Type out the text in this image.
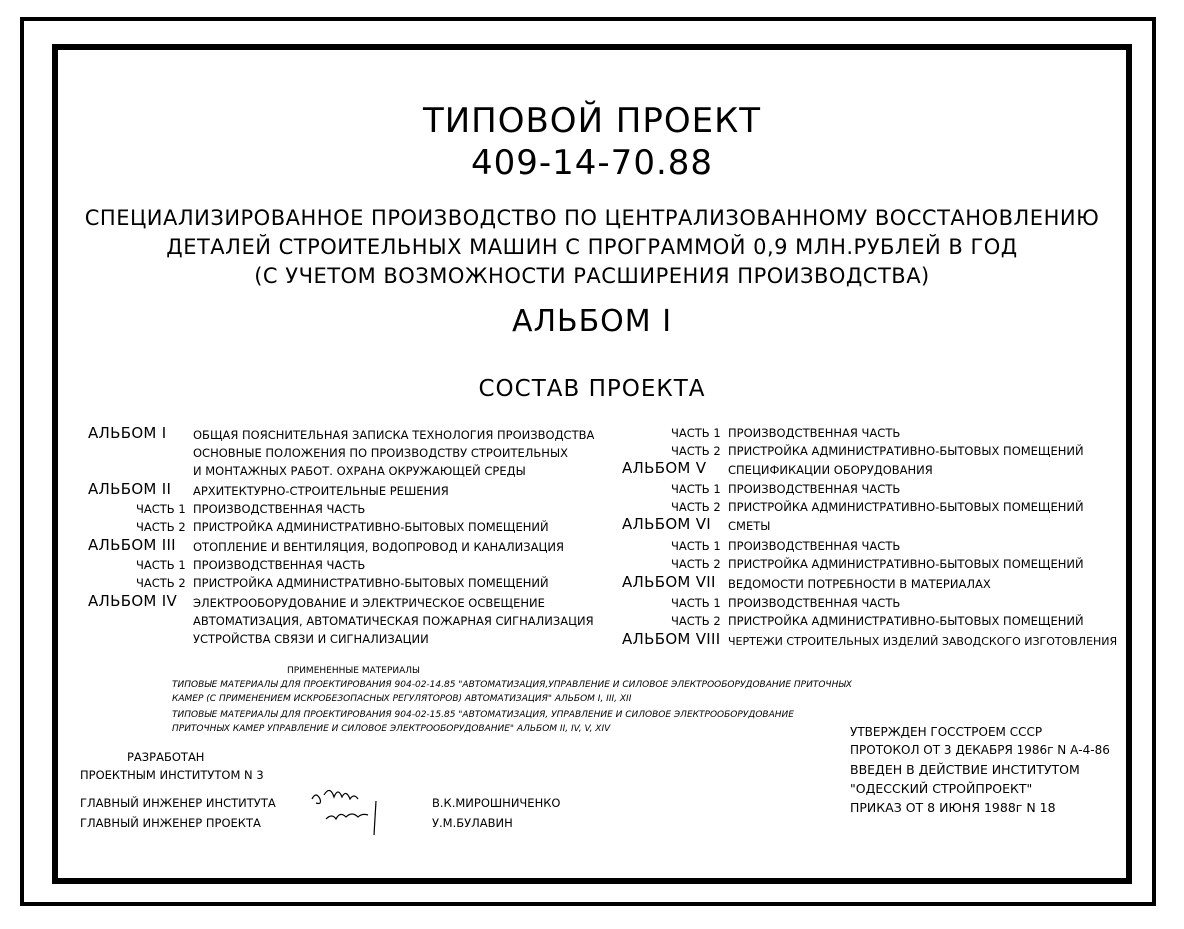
ТИПОВОЙ ПРОЕКТ
409-14-70.88
СПЕЦИАЛИЗИРОВАННОЕ ПРОИЗВОДСТВО ПО ЦЕНТРАЛИЗОВАННОМУ ВОССТАНОВЛЕНИЮ
ДЕТАЛЕЙ СТРОИТЕЛЬНЫХ МАШИН С ПРОГРАММОЙ 0,9 МЛН.РУБЛЕЙ В ГОД
(С УЧЕТОМ ВОЗМОЖНОСТИ РАСШИРЕНИЯ ПРОИЗВОДСТВА)
АЛЬБОМ I
СОСТАВ ПРОЕКТА
АЛЬБОМ I ОБЩАЯ ПОЯСНИТЕЛЬНАЯ ЗАПИСКА ТЕХНОЛОГИЯ ПРОИЗВОДСТВА
ОСНОВНЫЕ ПОЛОЖЕНИЯ ПО ПРОИЗВОДСТВУ СТРОИТЕЛЬНЫХ
И МОНТАЖНЫХ РАБОТ. ОХРАНА ОКРУЖАЮЩЕЙ СРЕДЫ
АЛЬБОМ II АРХИТЕКТУРНО-СТРОИТЕЛЬНЫЕ РЕШЕНИЯ
ЧАСТЬ 1 ПРОИЗВОДСТВЕННАЯ ЧАСТЬ
ЧАСТЬ 2 ПРИСТРОЙКА АДМИНИСТРАТИВНО-БЫТОВЫХ ПОМЕЩЕНИЙ
АЛЬБОМ III ОТОПЛЕНИЕ И ВЕНТИЛЯЦИЯ, ВОДОПРОВОД И КАНАЛИЗАЦИЯ
ЧАСТЬ 1 ПРОИЗВОДСТВЕННАЯ ЧАСТЬ
ЧАСТЬ 2 ПРИСТРОЙКА АДМИНИСТРАТИВНО-БЫТОВЫХ ПОМЕЩЕНИЙ
АЛЬБОМ IV ЭЛЕКТРООБОРУДОВАНИЕ И ЭЛЕКТРИЧЕСКОЕ ОСВЕЩЕНИЕ
АВТОМАТИЗАЦИЯ, АВТОМАТИЧЕСКАЯ ПОЖАРНАЯ СИГНАЛИЗАЦИЯ
УСТРОЙСТВА СВЯЗИ И СИГНАЛИЗАЦИИ
ЧАСТЬ 1 ПРОИЗВОДСТВЕННАЯ ЧАСТЬ
ЧАСТЬ 2 ПРИСТРОЙКА АДМИНИСТРАТИВНО-БЫТОВЫХ ПОМЕЩЕНИЙ
АЛЬБОМ V СПЕЦИФИКАЦИИ ОБОРУДОВАНИЯ
ЧАСТЬ 1 ПРОИЗВОДСТВЕННАЯ ЧАСТЬ
ЧАСТЬ 2 ПРИСТРОЙКА АДМИНИСТРАТИВНО-БЫТОВЫХ ПОМЕЩЕНИЙ
АЛЬБОМ VI СМЕТЫ
ЧАСТЬ 1 ПРОИЗВОДСТВЕННАЯ ЧАСТЬ
ЧАСТЬ 2 ПРИСТРОЙКА АДМИНИСТРАТИВНО-БЫТОВЫХ ПОМЕЩЕНИЙ
АЛЬБОМ VII ВЕДОМОСТИ ПОТРЕБНОСТИ В МАТЕРИАЛАХ
ЧАСТЬ 1 ПРОИЗВОДСТВЕННАЯ ЧАСТЬ
ЧАСТЬ 2 ПРИСТРОЙКА АДМИНИСТРАТИВНО-БЫТОВЫХ ПОМЕЩЕНИЙ
АЛЬБОМ VIII ЧЕРТЕЖИ СТРОИТЕЛЬНЫХ ИЗДЕЛИЙ ЗАВОДСКОГО ИЗГОТОВЛЕНИЯ
ПРИМЕНЕННЫЕ МАТЕРИАЛЫ
ТИПОВЫЕ МАТЕРИАЛЫ ДЛЯ ПРОЕКТИРОВАНИЯ 904-02-14.85 "АВТОМАТИЗАЦИЯ,УПРАВЛЕНИЕ И СИЛОВОЕ ЭЛЕКТРООБОРУДОВАНИЕ ПРИТОЧНЫХ
КАМЕР (С ПРИМЕНЕНИЕМ ИСКРОБЕЗОПАСНЫХ РЕГУЛЯТОРОВ) АВТОМАТИЗАЦИЯ" АЛЬБОМ I, III, XII
ТИПОВЫЕ МАТЕРИАЛЫ ДЛЯ ПРОЕКТИРОВАНИЯ 904-02-15.85 "АВТОМАТИЗАЦИЯ, УПРАВЛЕНИЕ И СИЛОВОЕ ЭЛЕКТРООБОРУДОВАНИЕ
ПРИТОЧНЫХ КАМЕР УПРАВЛЕНИЕ И СИЛОВОЕ ЭЛЕКТРООБОРУДОВАНИЕ" АЛЬБОМ II, IV, V, XIV
РАЗРАБОТАН
ПРОЕКТНЫМ ИНСТИТУТОМ N 3
ГЛАВНЫЙ ИНЖЕНЕР ИНСТИТУТА
ГЛАВНЫЙ ИНЖЕНЕР ПРОЕКТА
В.К.МИРОШНИЧЕНКО
У.М.БУЛАВИН
УТВЕРЖДЕН ГОССТРОЕМ СССР
ПРОТОКОЛ ОТ 3 ДЕКАБРЯ 1986г N А-4-86
ВВЕДЕН В ДЕЙСТВИЕ ИНСТИТУТОМ
"ОДЕССКИЙ СТРОЙПРОЕКТ"
ПРИКАЗ ОТ 8 ИЮНЯ 1988г N 18
